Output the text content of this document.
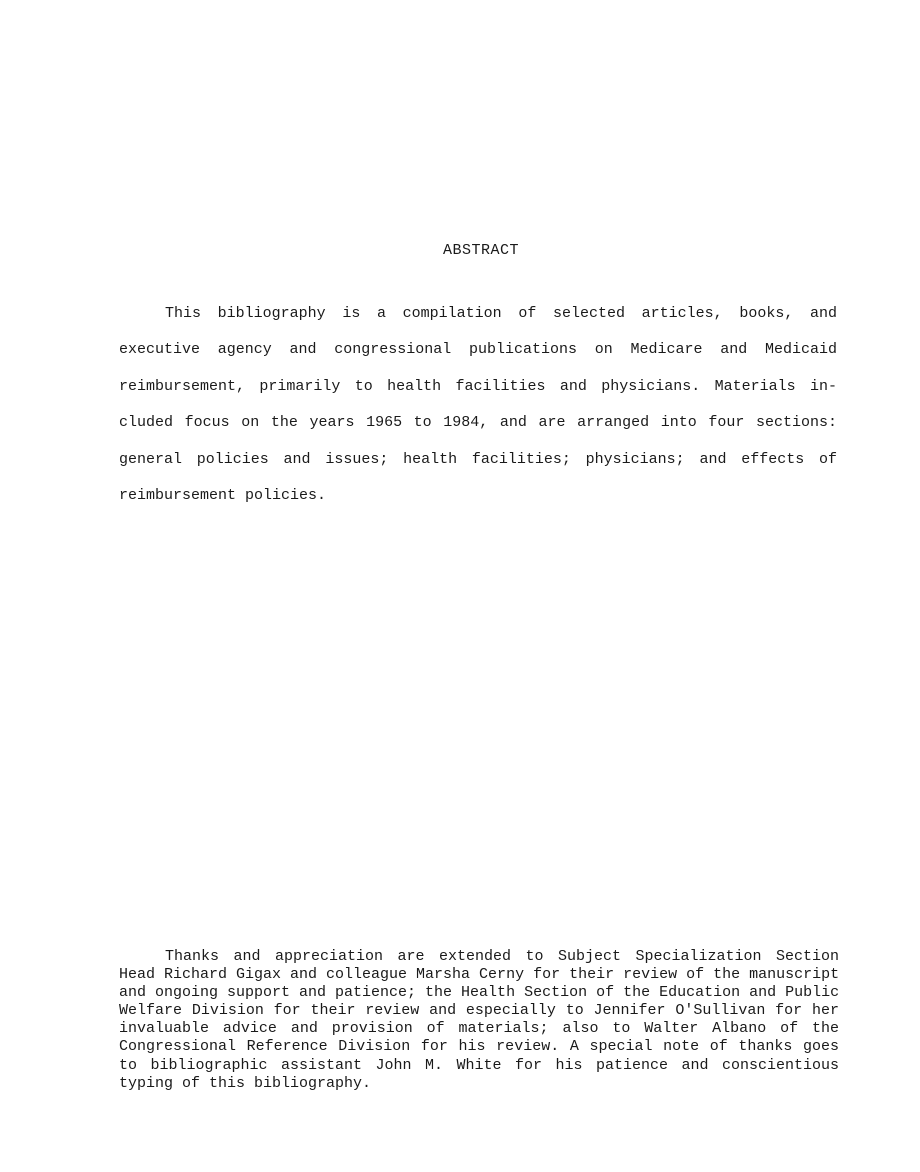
ABSTRACT
This bibliography is a compilation of selected articles, books, and
executive agency and congressional publications on Medicare and Medicaid
reimbursement, primarily to health facilities and physicians. Materials in-
cluded focus on the years 1965 to 1984, and are arranged into four sections:
general policies and issues; health facilities; physicians; and effects of
reimbursement policies.
Thanks and appreciation are extended to Subject Specialization Section
Head Richard Gigax and colleague Marsha Cerny for their review of the manuscript
and ongoing support and patience; the Health Section of the Education and Public
Welfare Division for their review and especially to Jennifer O'Sullivan for her
invaluable advice and provision of materials; also to Walter Albano of the
Congressional Reference Division for his review. A special note of thanks goes
to bibliographic assistant John M. White for his patience and conscientious
typing of this bibliography.
